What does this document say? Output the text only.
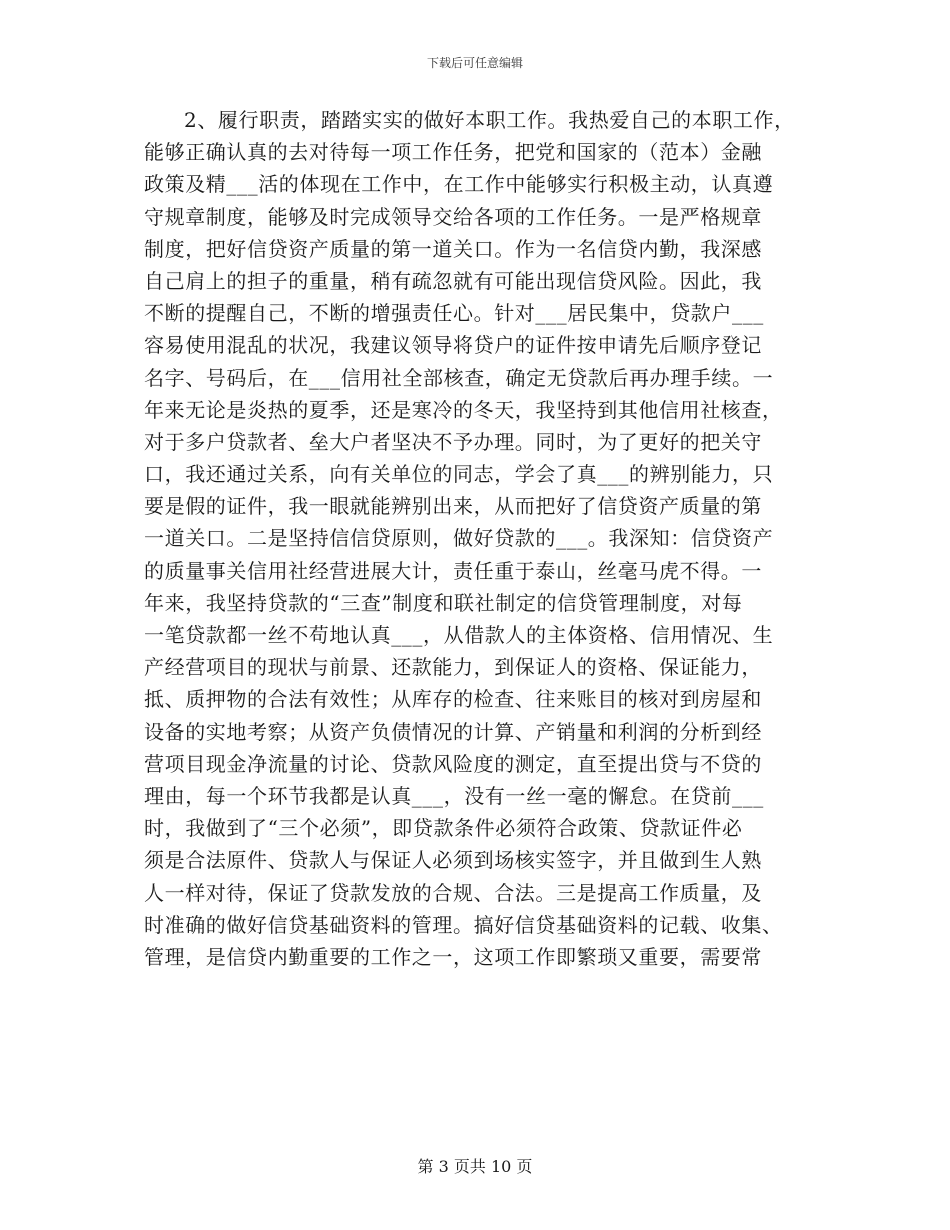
下载后可任意编辑
2、履行职责，踏踏实实的做好本职工作。我热爱自己的本职工作，
能够正确认真的去对待每一项工作任务，把党和国家的（范本）金融
政策及精___活的体现在工作中，在工作中能够实行积极主动，认真遵
守规章制度，能够及时完成领导交给各项的工作任务。一是严格规章
制度，把好信贷资产质量的第一道关口。作为一名信贷内勤，我深感
自己肩上的担子的重量，稍有疏忽就有可能出现信贷风险。因此，我
不断的提醒自己，不断的增强责任心。针对___居民集中，贷款户___
容易使用混乱的状况，我建议领导将贷户的证件按申请先后顺序登记
名字、号码后，在___信用社全部核查，确定无贷款后再办理手续。一
年来无论是炎热的夏季，还是寒冷的冬天，我坚持到其他信用社核查，
对于多户贷款者、垒大户者坚决不予办理。同时，为了更好的把关守
口，我还通过关系，向有关单位的同志，学会了真___的辨别能力，只
要是假的证件，我一眼就能辨别出来，从而把好了信贷资产质量的第
一道关口。二是坚持信信贷原则，做好贷款的___。我深知：信贷资产
的质量事关信用社经营进展大计，责任重于泰山，丝毫马虎不得。一
年来，我坚持贷款的“三查”制度和联社制定的信贷管理制度，对每
一笔贷款都一丝不苟地认真___，从借款人的主体资格、信用情况、生
产经营项目的现状与前景、还款能力，到保证人的资格、保证能力，
抵、质押物的合法有效性；从库存的检查、往来账目的核对到房屋和
设备的实地考察；从资产负债情况的计算、产销量和利润的分析到经
营项目现金净流量的讨论、贷款风险度的测定，直至提出贷与不贷的
理由，每一个环节我都是认真___，没有一丝一毫的懈怠。在贷前___
时，我做到了“三个必须”，即贷款条件必须符合政策、贷款证件必
须是合法原件、贷款人与保证人必须到场核实签字，并且做到生人熟
人一样对待，保证了贷款发放的合规、合法。三是提高工作质量，及
时准确的做好信贷基础资料的管理。搞好信贷基础资料的记载、收集、
管理，是信贷内勤重要的工作之一，这项工作即繁琐又重要，需要常
第 3 页共 10 页
